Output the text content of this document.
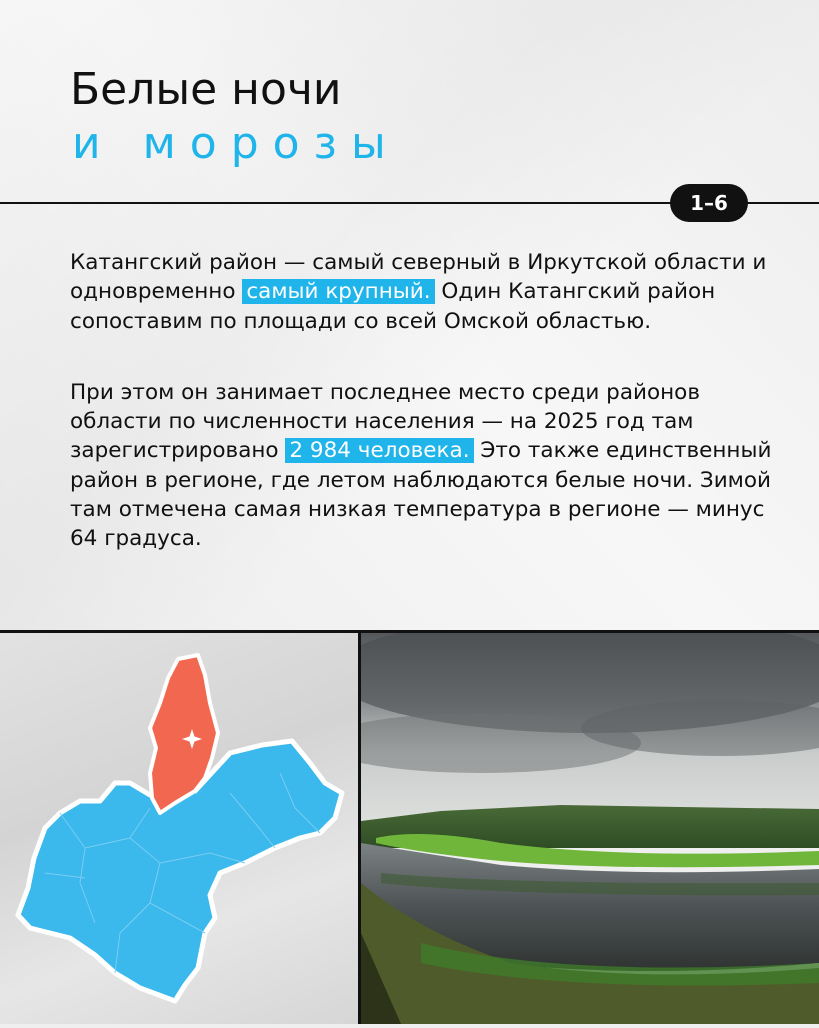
Белые ночи
и морозы
1–6

Катангский район — самый северный в Иркутской области и одновременно самый крупный. Один Катангский район сопоставим по площади со всей Омской областью.

При этом он занимает последнее место среди районов области по численности населения — на 2025 год там зарегистрировано 2 984 человека. Это также единственный район в регионе, где летом наблюдаются белые ночи. Зимой там отмечена самая низкая температура в регионе — минус 64 градуса.
